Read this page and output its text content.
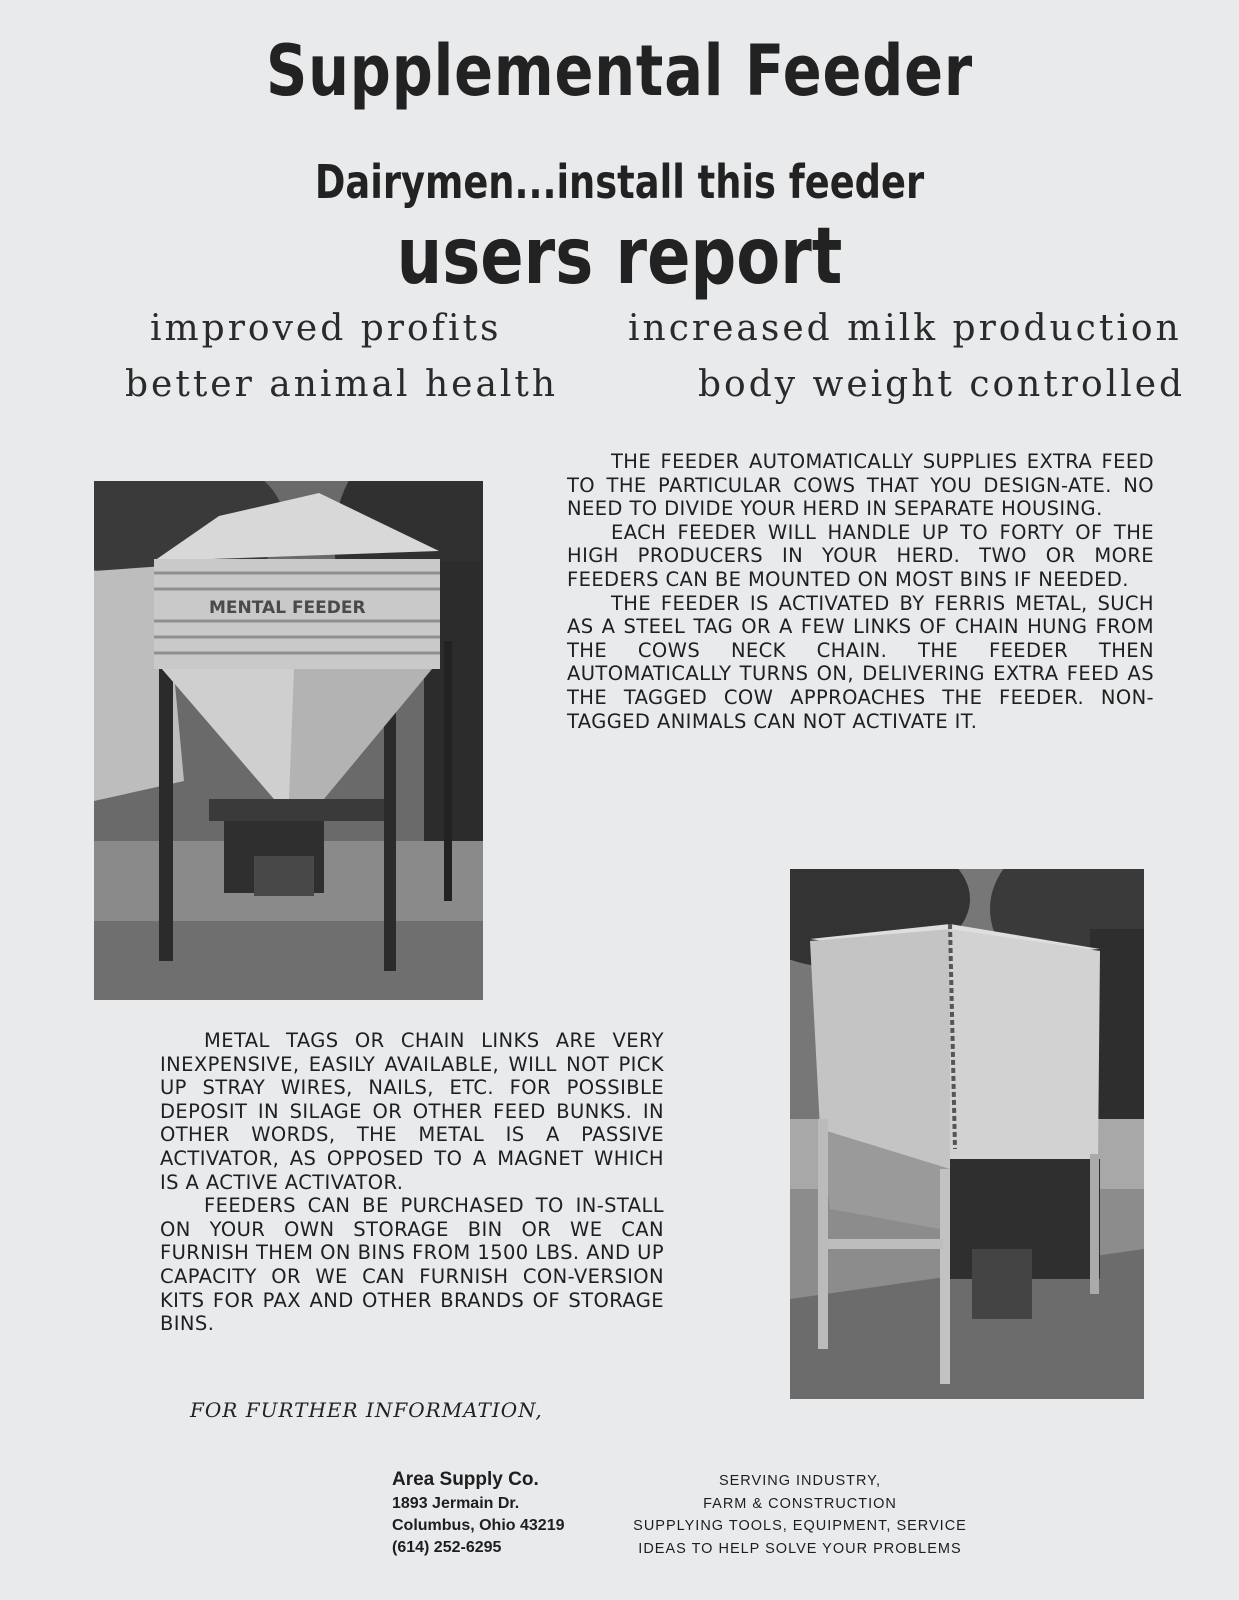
Supplemental Feeder
Dairymen...install this feeder
users report
improved profits	increased milk production
better animal health	body weight controlled
MENTAL FEEDER

THE FEEDER AUTOMATICALLY SUPPLIES EXTRA FEED TO THE PARTICULAR COWS THAT YOU DESIGN-ATE. NO NEED TO DIVIDE YOUR HERD IN SEPARATE HOUSING.

EACH FEEDER WILL HANDLE UP TO FORTY OF THE HIGH PRODUCERS IN YOUR HERD. TWO OR MORE FEEDERS CAN BE MOUNTED ON MOST BINS IF NEEDED.

THE FEEDER IS ACTIVATED BY FERRIS METAL, SUCH AS A STEEL TAG OR A FEW LINKS OF CHAIN HUNG FROM THE COWS NECK CHAIN. THE FEEDER THEN AUTOMATICALLY TURNS ON, DELIVERING EXTRA FEED AS THE TAGGED COW APPROACHES THE FEEDER. NON-TAGGED ANIMALS CAN NOT ACTIVATE IT.

METAL TAGS OR CHAIN LINKS ARE VERY INEXPENSIVE, EASILY AVAILABLE, WILL NOT PICK UP STRAY WIRES, NAILS, ETC. FOR POSSIBLE DEPOSIT IN SILAGE OR OTHER FEED BUNKS. IN OTHER WORDS, THE METAL IS A PASSIVE ACTIVATOR, AS OPPOSED TO A MAGNET WHICH IS A ACTIVE ACTIVATOR.

FEEDERS CAN BE PURCHASED TO IN-STALL ON YOUR OWN STORAGE BIN OR WE CAN FURNISH THEM ON BINS FROM 1500 LBS. AND UP CAPACITY OR WE CAN FURNISH CON-VERSION KITS FOR PAX AND OTHER BRANDS OF STORAGE BINS.

FOR FURTHER INFORMATION,
Area Supply Co.
1893 Jermain Dr.
Columbus, Ohio 43219
(614) 252-6295
SERVING INDUSTRY,
FARM & CONSTRUCTION
SUPPLYING TOOLS, EQUIPMENT, SERVICE
IDEAS TO HELP SOLVE YOUR PROBLEMS
